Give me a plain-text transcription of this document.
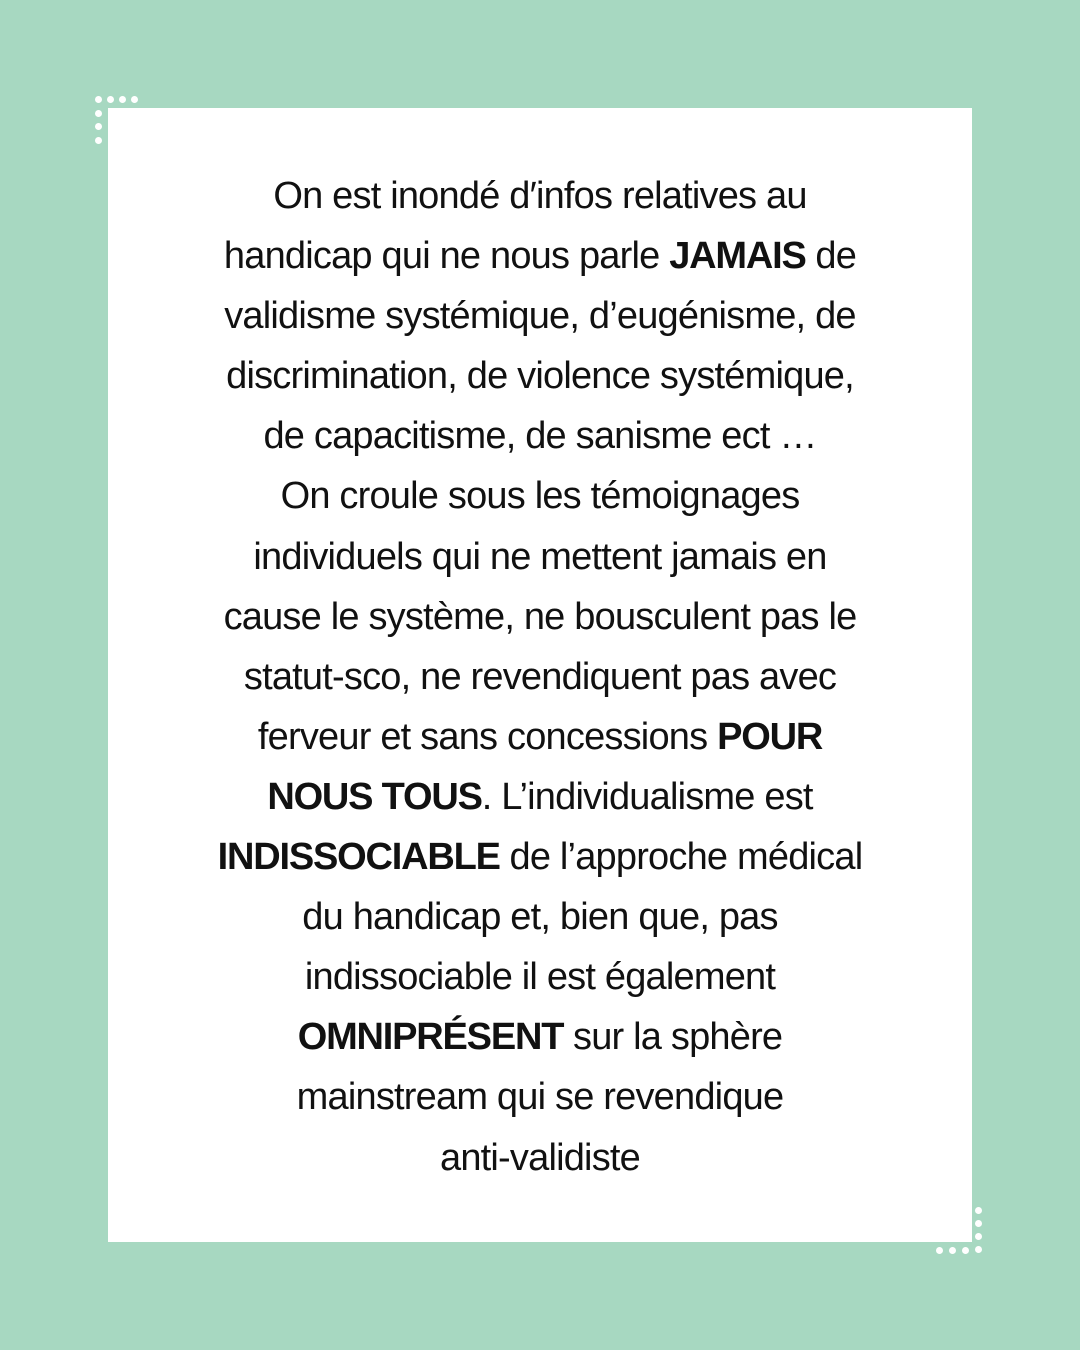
On est inondé d′infos relatives au
handicap qui ne nous parle JAMAIS de
validisme systémique, d’eugénisme, de
discrimination, de violence systémique,
de capacitisme, de sanisme ect …
On croule sous les témoignages
individuels qui ne mettent jamais en
cause le système, ne bousculent pas le
statut-sco, ne revendiquent pas avec
ferveur et sans concessions POUR
NOUS TOUS. L’individualisme est
INDISSOCIABLE de l’approche médical
du handicap et, bien que, pas
indissociable il est également
OMNIPRÉSENT sur la sphère
mainstream qui se revendique
anti-validiste
